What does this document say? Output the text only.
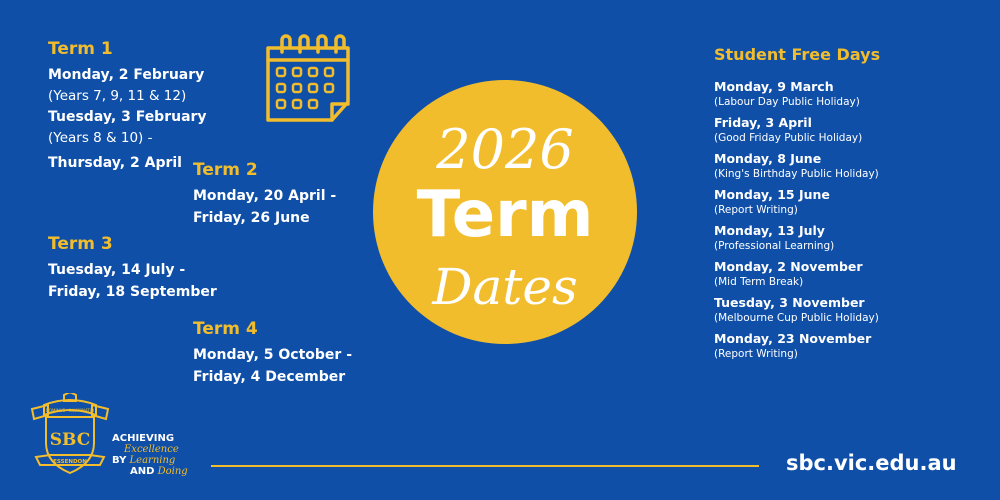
Term 1
Monday, 2 February
(Years 7, 9, 11 & 12)
Tuesday, 3 February
(Years 8 & 10) -
Thursday, 2 April Term 2
Monday, 20 April -
Friday, 26 June
Term 3
Tuesday, 14 July -
Friday, 18 September
Term 4
Monday, 5 October -
Friday, 4 December
2026
Term
Dates
Student Free Days
Monday, 9 March
(Labour Day Public Holiday)
Friday, 3 April
(Good Friday Public Holiday)
Monday, 8 June
(King's Birthday Public Holiday)
Monday, 15 June
(Report Writing)
Monday, 13 July
(Professional Learning)
Monday, 2 November
(Mid Term Break)
Tuesday, 3 November
(Melbourne Cup Public Holiday)
Monday, 23 November
(Report Writing)
SBC
DOMINUS · ILLUMINATIO
ESSENDON
ACHIEVING
Excellence
BY Learning
AND Doing	sbc.vic.edu.au
